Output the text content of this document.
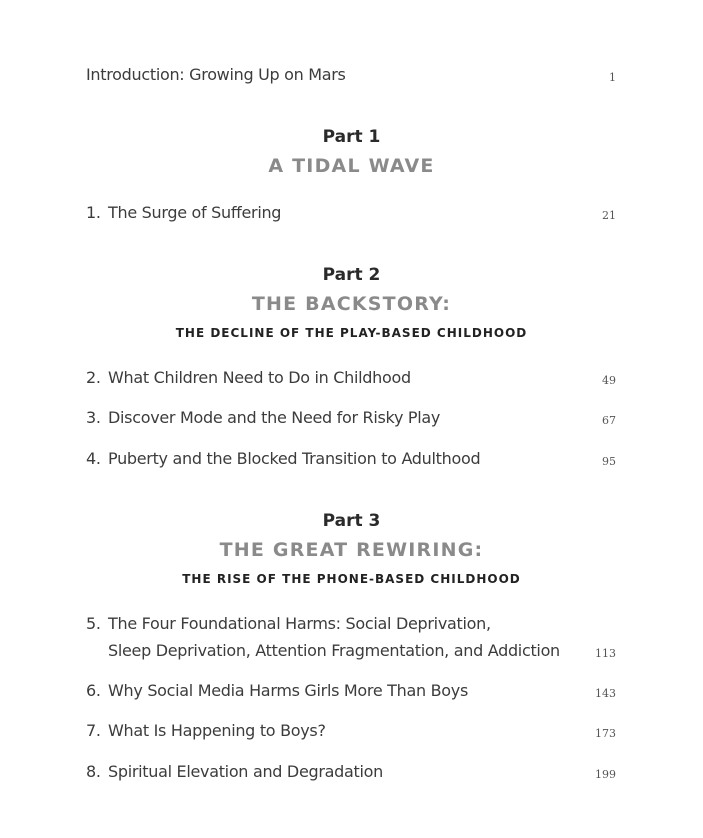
Introduction: Growing Up on Mars	1
Part 1
A TIDAL WAVE
1. The Surge of Suffering	21
Part 2
THE BACKSTORY:
THE DECLINE OF THE PLAY-BASED CHILDHOOD
2. What Children Need to Do in Childhood	49
3. Discover Mode and the Need for Risky Play	67
4. Puberty and the Blocked Transition to Adulthood	95
Part 3
THE GREAT REWIRING:
THE RISE OF THE PHONE-BASED CHILDHOOD
5. The Four Foundational Harms: Social Deprivation,
Sleep Deprivation, Attention Fragmentation, and Addiction	113
6. Why Social Media Harms Girls More Than Boys	143
7. What Is Happening to Boys?	173
8. Spiritual Elevation and Degradation	199
